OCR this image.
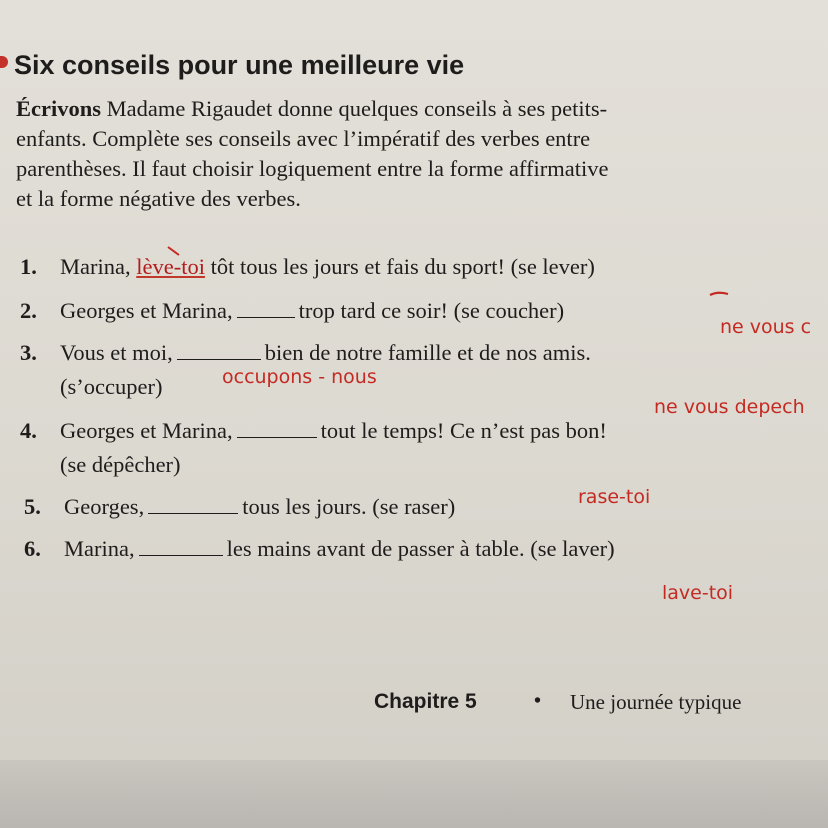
Six conseils pour une meilleure vie
Écrivons Madame Rigaudet donne quelques conseils à ses petits-
enfants. Complète ses conseils avec l’impératif des verbes entre
parenthèses. Il faut choisir logiquement entre la forme affirmative
et la forme négative des verbes.
1. Marina, lève-toi tôt tous les jours et fais du sport! (se lever)
2. Georges et Marina,	trop tard ce soir! (se coucher)
3. Vous et moi,	bien de notre famille et de nos amis.
(s’occuper)
4. Georges et Marina,	tout le temps! Ce n’est pas bon!
(se dépêcher)
5. Georges,	tous les jours. (se raser)
6. Marina,	les mains avant de passer à table. (se laver)
ne vous c
occupons - nous
ne vous depech
rase-toi
lave-toi
Chapitre 5	• Une journée typique
